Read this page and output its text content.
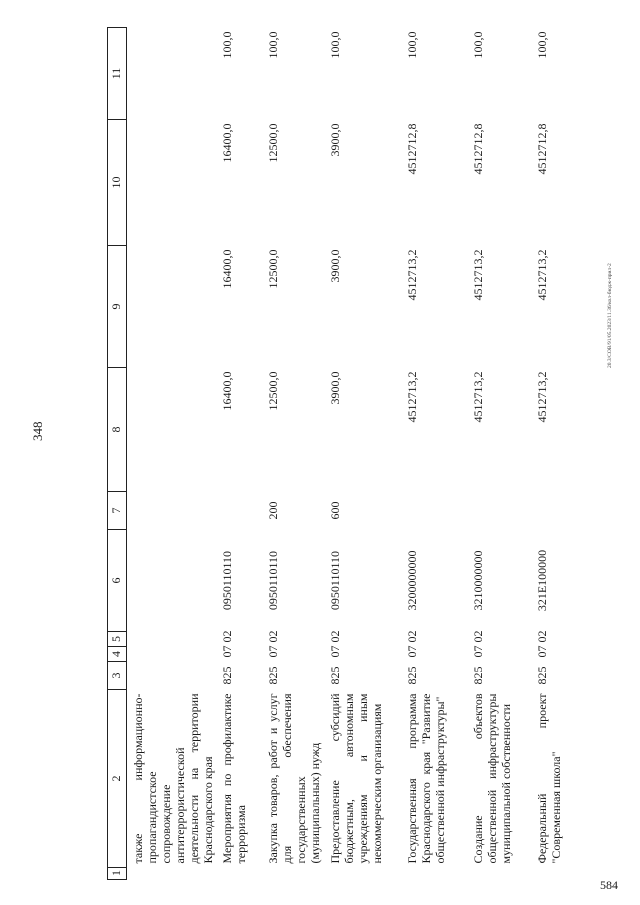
348
20.3/СОВ/91/05.2023/11.36/кол-бюдж-прил-2
1	2	3	4	5	6	7	8	9	10	11
	также информационно-пропагандистское сопровождение антитеррористической деятельности на территории Краснодарского края									
	Мероприятия по профилактике терроризма	825	07	02	0950110110		16400,0	16400,0	16400,0	100,0
	Закупка товаров, работ и услуг для обеспечения государственных (муниципальных) нужд	825	07	02	0950110110	200	12500,0	12500,0	12500,0	100,0
	Предоставление субсидий бюджетным, автономным учреждениям и иным некоммерческим организациям	825	07	02	0950110110	600	3900,0	3900,0	3900,0	100,0
	Государственная программа Краснодарского края "Развитие общественной инфраструктуры"	825	07	02	3200000000		4512713,2	4512713,2	4512712,8	100,0
	Создание объектов общественной инфраструктуры муниципальной собственности	825	07	02	3210000000		4512713,2	4512713,2	4512712,8	100,0
	Федеральный проект "Современная школа"	825	07	02	321E100000		4512713,2	4512713,2	4512712,8	100,0
584
